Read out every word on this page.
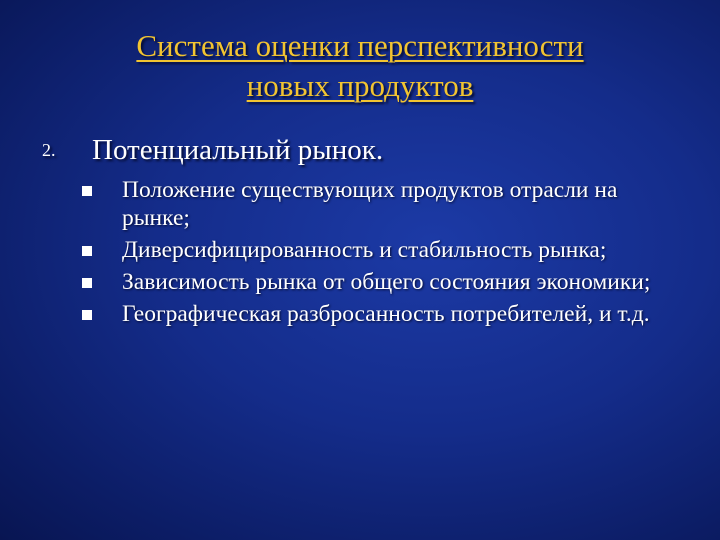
Система оценки перспективности
новых продуктов
2. Потенциальный рынок.
Положение существующих продуктов отрасли на рынке;
Диверсифицированность и стабильность рынка;
Зависимость рынка от общего состояния экономики;
Географическая разбросанность потребителей, и т.д.
